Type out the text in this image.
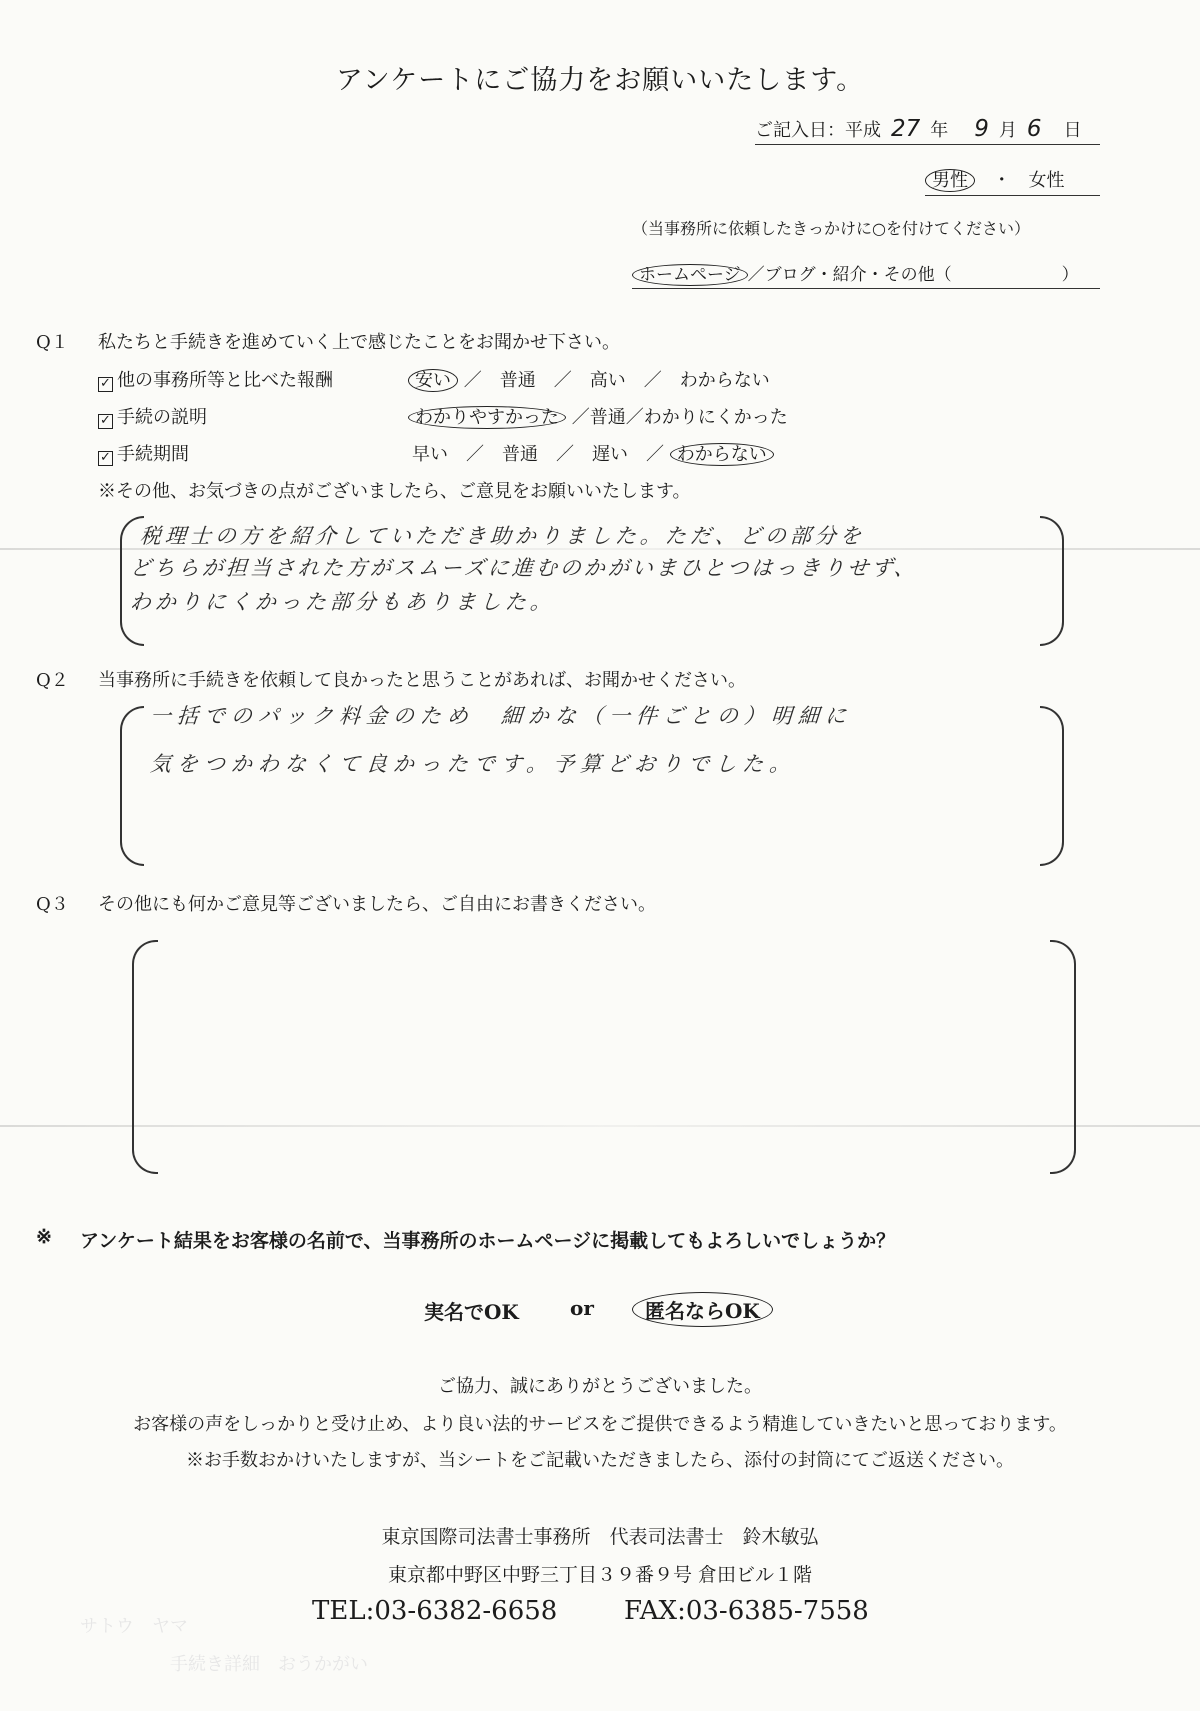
アンケートにご協力をお願いいたします。
ご記入日：平成 27 年 9 月 6 日
男性 ・ 女性
（当事務所に依頼したきっかけに○を付けてください）
ホームページ ／ブログ・紹介・その他（	）
Q１ 私たちと手続きを進めていく上で感じたことをお聞かせ下さい。
✓ 他の事務所等と比べた報酬	安い ／　普通　／　高い　／　わからない
✓ 手続の説明	わかりやすかった ／普通／わかりにくかった
✓ 手続期間	早い　／　普通　／　遅い　／ わからない
※その他、お気づきの点がございましたら、ご意見をお願いいたします。
税理士の方を紹介していただき助かりました。ただ、どの部分を
どちらが担当された方がスムーズに進むのかがいまひとつはっきりせず、
わかりにくかった部分もありました。
Q２ 当事務所に手続きを依頼して良かったと思うことがあれば、お聞かせください。
一括でのパック料金のため　細かな（一件ごとの）明細に
気をつかわなくて良かったです。予算どおりでした。
Q３ その他にも何かご意見等ございましたら、ご自由にお書きください。
※ アンケート結果をお客様の名前で、当事務所のホームページに掲載してもよろしいでしょうか？
実名でOK	or	匿名ならOK
ご協力、誠にありがとうございました。
お客様の声をしっかりと受け止め、より良い法的サービスをご提供できるよう精進していきたいと思っております。
※お手数おかけいたしますが、当シートをご記載いただきましたら、添付の封筒にてご返送ください。
東京国際司法書士事務所　代表司法書士　鈴木敏弘
東京都中野区中野三丁目３９番９号 倉田ビル１階
TEL:03-6382-6658	FAX:03-6385-7558
サトウ　ヤマ
手続き詳細　おうかがい
